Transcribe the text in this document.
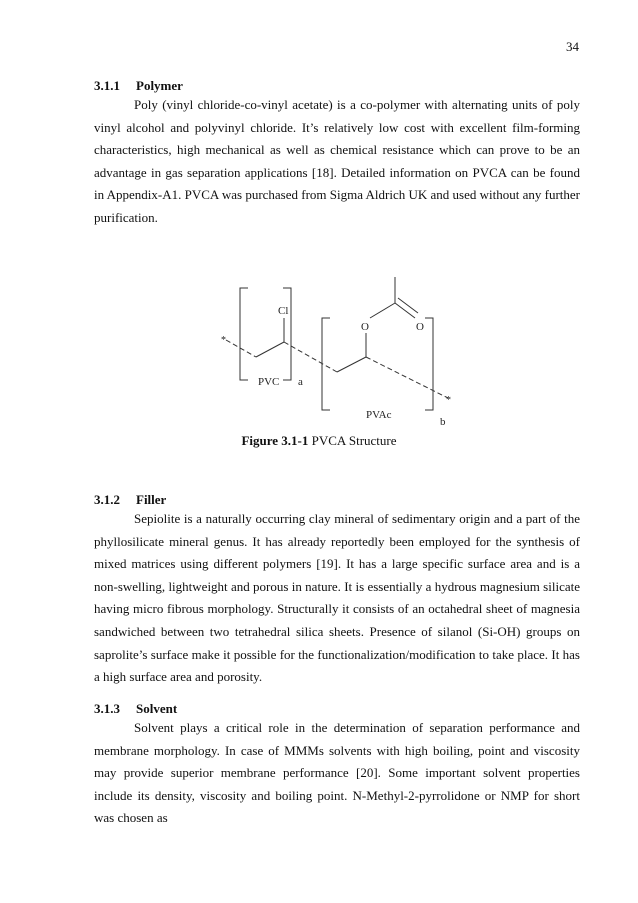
34
3.1.1 Polymer

Poly (vinyl chloride-co-vinyl acetate) is a co-polymer with alternating units of poly vinyl alcohol and polyvinyl chloride. It’s relatively low cost with excellent film-forming characteristics, high mechanical as well as chemical resistance which can prove to be an advantage in gas separation applications [18]. Detailed information on PVCA can be found in Appendix-A1. PVCA was purchased from Sigma Aldrich UK and used without any further purification.

*
Cl
O	O
PVC a
PVAc
b
*
Figure 3.1-1 PVCA Structure
3.1.2 Filler

Sepiolite is a naturally occurring clay mineral of sedimentary origin and a part of the phyllosilicate mineral genus. It has already reportedly been employed for the synthesis of mixed matrices using different polymers [19]. It has a large specific surface area and is a non-swelling, lightweight and porous in nature. It is essentially a hydrous magnesium silicate having micro fibrous morphology. Structurally it consists of an octahedral sheet of magnesia sandwiched between two tetrahedral silica sheets. Presence of silanol (Si-OH) groups on saprolite’s surface make it possible for the functionalization/modification to take place. It has a high surface area and porosity.

3.1.3 Solvent

Solvent plays a critical role in the determination of separation performance and membrane morphology. In case of MMMs solvents with high boiling, point and viscosity may provide superior membrane performance [20]. Some important solvent properties include its density, viscosity and boiling point. N-Methyl-2-pyrrolidone or NMP for short was chosen as
